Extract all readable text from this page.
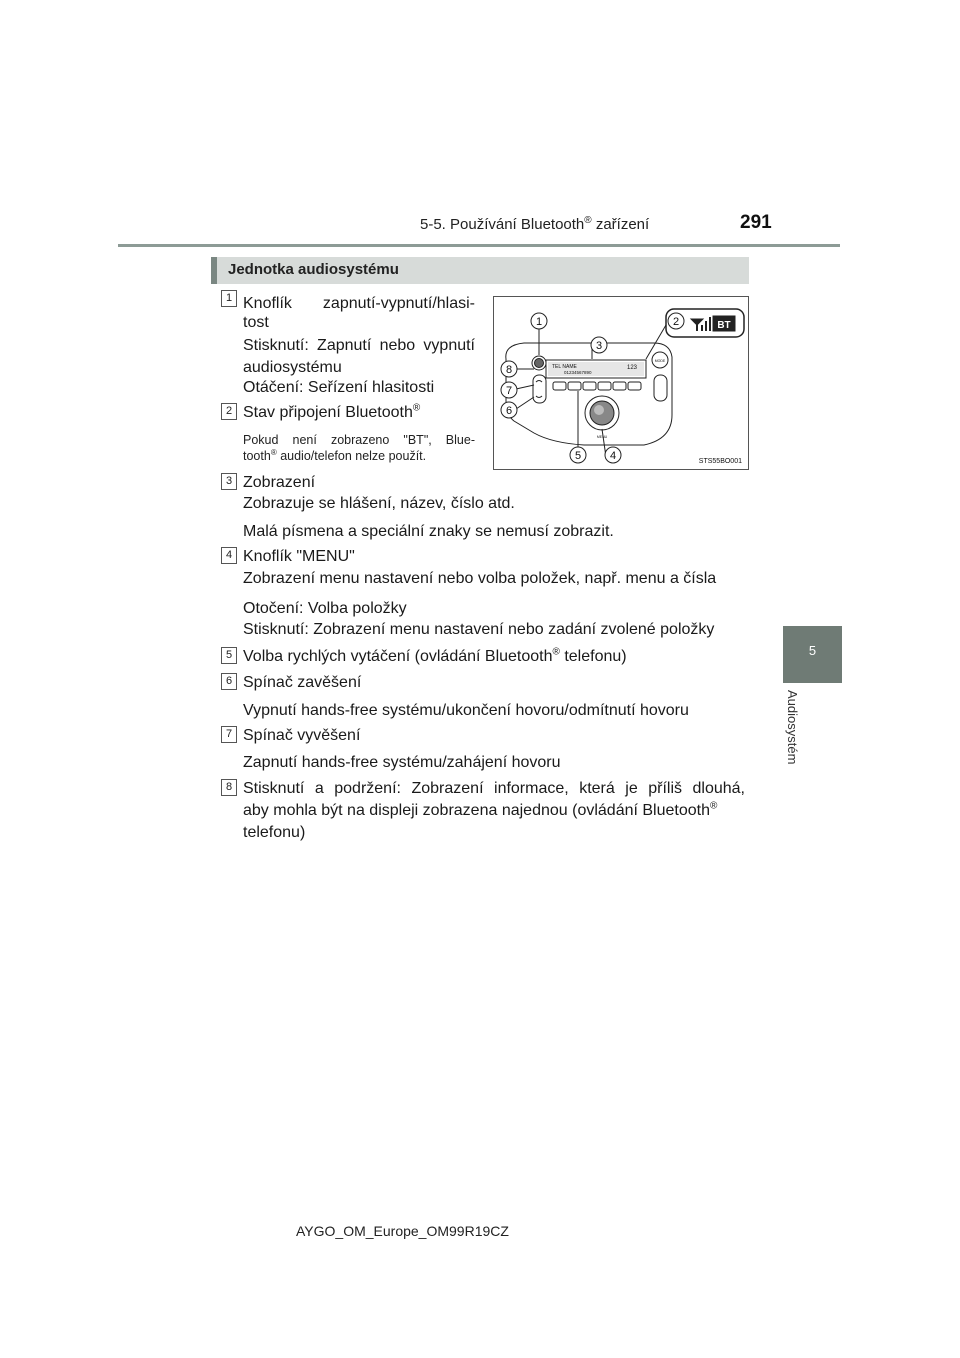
5-5. Používání Bluetooth® zařízení	291
5
Audiosystém
Jednotka audiosystému
1 Knoflík zapnutí-vypnutí/hlasi-
tost
Stisknutí: Zapnutí nebo vypnutí
audiosystému
Otáčení: Seřízení hlasitosti
2 Stav připojení Bluetooth®
Pokud není zobrazeno "BT", Blue-
tooth® audio/telefon nelze použít.
TEL NAME
01234567890
123
MODE
MENU
BT
1	2
3
4
5
6
7
8
STS55BO001
3 Zobrazení
Zobrazuje se hlášení, název, číslo atd.
Malá písmena a speciální znaky se nemusí zobrazit.
4 Knoflík "MENU"
Zobrazení menu nastavení nebo volba položek, např. menu a čísla
Otočení: Volba položky
Stisknutí: Zobrazení menu nastavení nebo zadání zvolené položky
5 Volba rychlých vytáčení (ovládání Bluetooth® telefonu)
6 Spínač zavěšení
Vypnutí hands-free systému/ukončení hovoru/odmítnutí hovoru
7 Spínač vyvěšení
Zapnutí hands-free systému/zahájení hovoru
8 Stisknutí a podržení: Zobrazení informace, která je příliš dlouhá,
aby mohla být na displeji zobrazena najednou (ovládání Bluetooth®
telefonu)
AYGO_OM_Europe_OM99R19CZ
